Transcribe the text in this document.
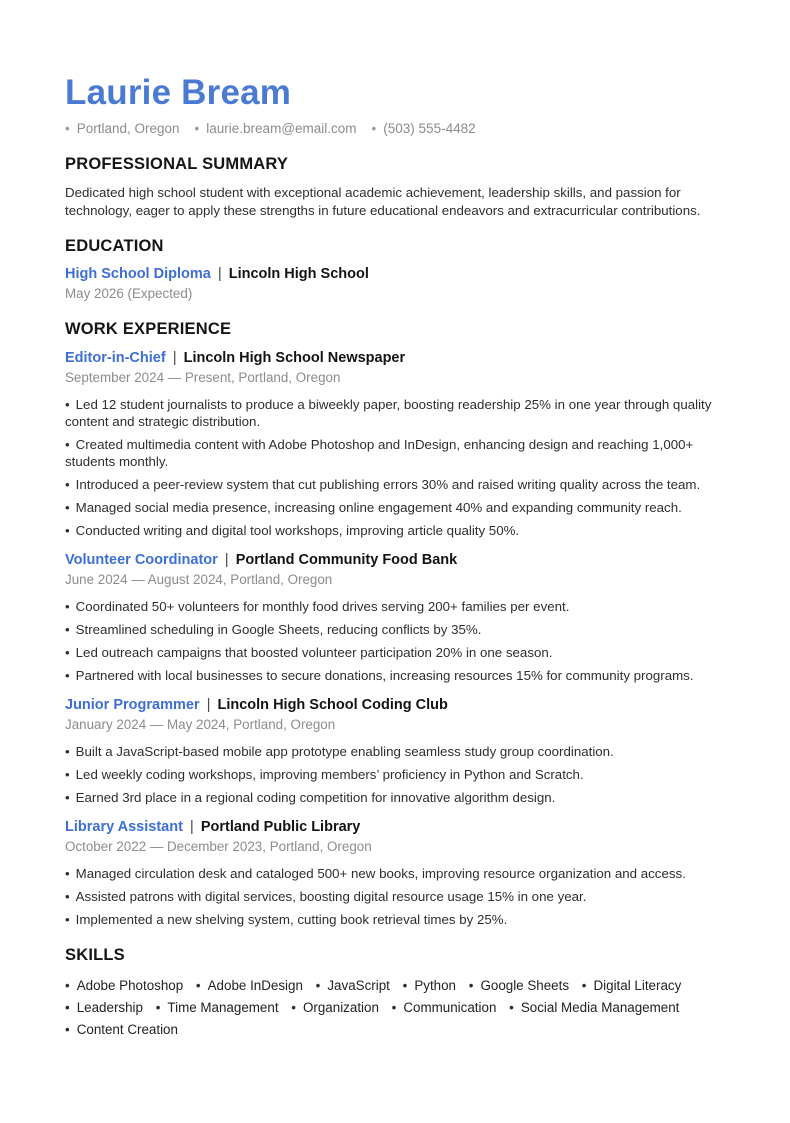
Laurie Bream
• Portland, Oregon • laurie.bream@email.com • (503) 555-4482
PROFESSIONAL SUMMARY

Dedicated high school student with exceptional academic achievement, leadership skills, and passion for technology, eager to apply these strengths in future educational endeavors and extracurricular contributions.

EDUCATION
High School Diploma | Lincoln High School
May 2026 (Expected)
WORK EXPERIENCE
Editor-in-Chief | Lincoln High School Newspaper
September 2024 — Present, Portland, Oregon

• Led 12 student journalists to produce a biweekly paper, boosting readership 25% in one year through quality content and strategic distribution.

• Created multimedia content with Adobe Photoshop and InDesign, enhancing design and reaching 1,000+ students monthly.

• Introduced a peer-review system that cut publishing errors 30% and raised writing quality across the team.

• Managed social media presence, increasing online engagement 40% and expanding community reach.

• Conducted writing and digital tool workshops, improving article quality 50%.

Volunteer Coordinator | Portland Community Food Bank
June 2024 — August 2024, Portland, Oregon

• Coordinated 50+ volunteers for monthly food drives serving 200+ families per event.

• Streamlined scheduling in Google Sheets, reducing conflicts by 35%.

• Led outreach campaigns that boosted volunteer participation 20% in one season.

• Partnered with local businesses to secure donations, increasing resources 15% for community programs.

Junior Programmer | Lincoln High School Coding Club
January 2024 — May 2024, Portland, Oregon

• Built a JavaScript-based mobile app prototype enabling seamless study group coordination.

• Led weekly coding workshops, improving members’ proficiency in Python and Scratch.

• Earned 3rd place in a regional coding competition for innovative algorithm design.

Library Assistant | Portland Public Library
October 2022 — December 2023, Portland, Oregon

• Managed circulation desk and cataloged 500+ new books, improving resource organization and access.

• Assisted patrons with digital services, boosting digital resource usage 15% in one year.

• Implemented a new shelving system, cutting book retrieval times by 25%.

SKILLS
• Adobe Photoshop • Adobe InDesign • JavaScript • Python • Google Sheets • Digital Literacy • Leadership • Time Management • Organization • Communication • Social Media Management • Content Creation
